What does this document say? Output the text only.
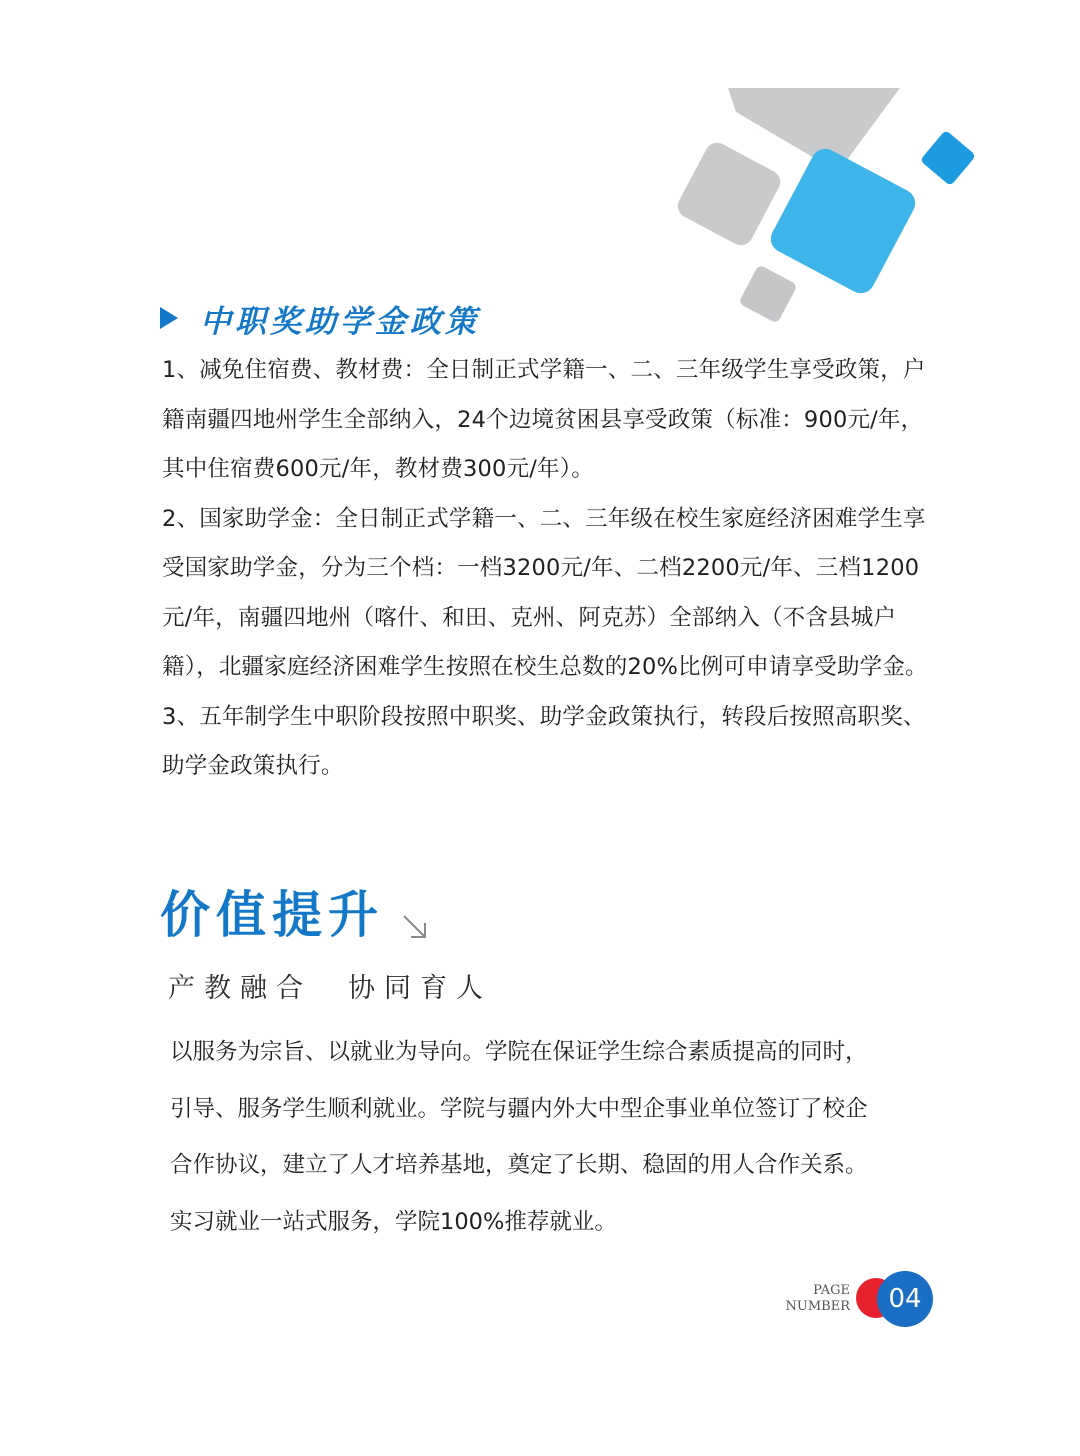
中职奖助学金政策

1、减免住宿费、教材费：全日制正式学籍一、二、三年级学生享受政策，户籍南疆四地州学生全部纳入，24个边境贫困县享受政策（标准：900元/年，其中住宿费600元/年，教材费300元/年）。

2、国家助学金：全日制正式学籍一、二、三年级在校生家庭经济困难学生享受国家助学金，分为三个档：一档3200元/年、二档2200元/年、三档1200元/年，南疆四地州（喀什、和田、克州、阿克苏）全部纳入（不含县城户籍），北疆家庭经济困难学生按照在校生总数的20%比例可申请享受助学金。

3、五年制学生中职阶段按照中职奖、助学金政策执行，转段后按照高职奖、助学金政策执行。

价值提升
产教融合　协同育人

以服务为宗旨、以就业为导向。学院在保证学生综合素质提高的同时，

引导、服务学生顺利就业。学院与疆内外大中型企事业单位签订了校企

合作协议，建立了人才培养基地，奠定了长期、稳固的用人合作关系。

实习就业一站式服务，学院100%推荐就业。

PAGE
NUMBER	04
